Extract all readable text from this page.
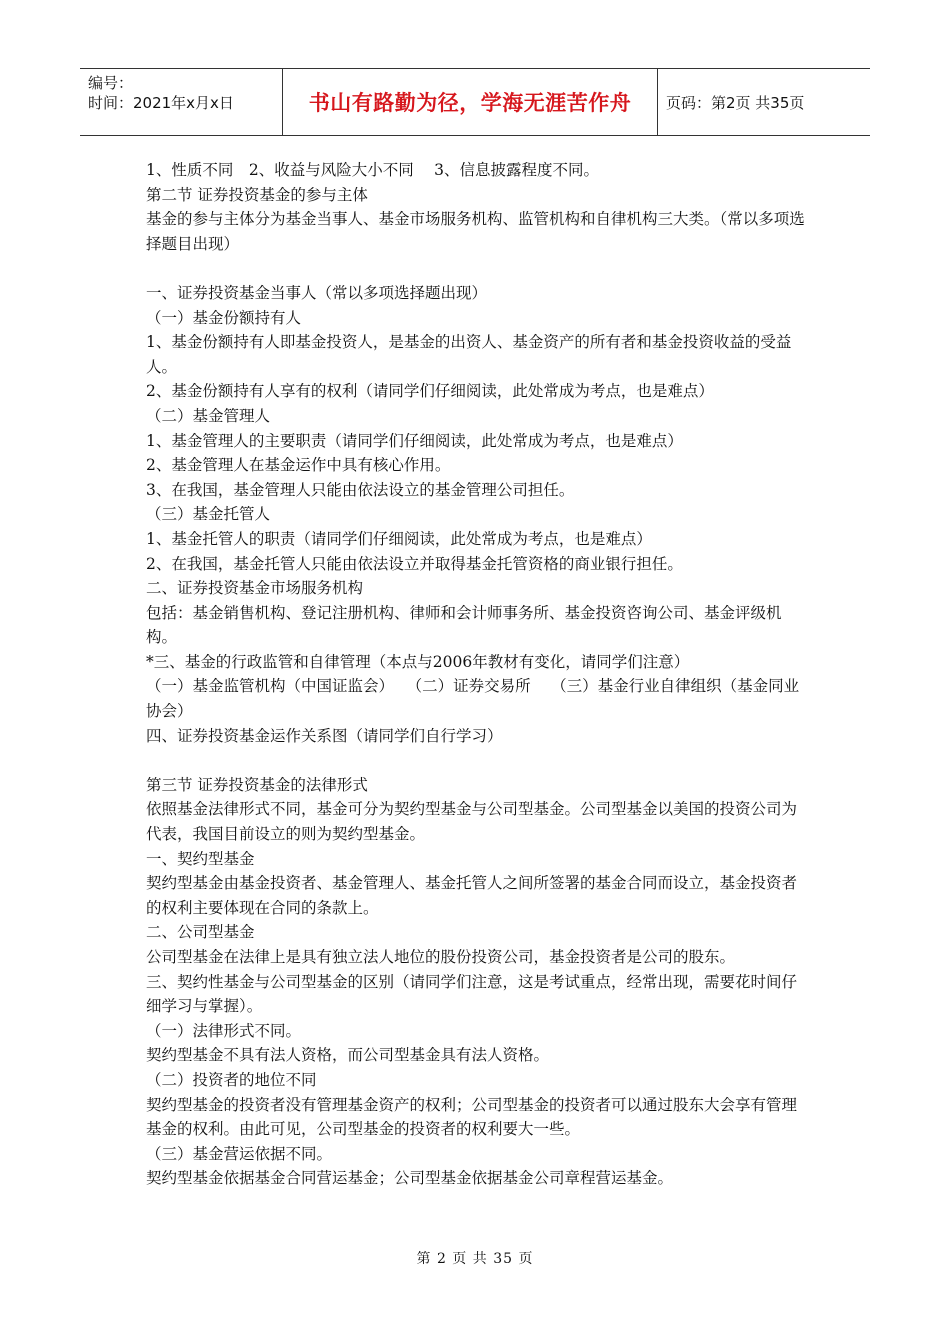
编号：
时间：2021年x月x日	书山有路勤为径，学海无涯苦作舟	页码：第2页 共35页

1、性质不同　2、收益与风险大小不同　 3、信息披露程度不同。

第二节 证券投资基金的参与主体

基金的参与主体分为基金当事人、基金市场服务机构、监管机构和自律机构三大类。（常以多项选择题目出现）

一、证券投资基金当事人（常以多项选择题出现）

（一）基金份额持有人

1、基金份额持有人即基金投资人，是基金的出资人、基金资产的所有者和基金投资收益的受益人。

2、基金份额持有人享有的权利（请同学们仔细阅读，此处常成为考点，也是难点）

（二）基金管理人

1、基金管理人的主要职责（请同学们仔细阅读，此处常成为考点，也是难点）

2、基金管理人在基金运作中具有核心作用。

3、在我国，基金管理人只能由依法设立的基金管理公司担任。

（三）基金托管人

1、基金托管人的职责（请同学们仔细阅读，此处常成为考点，也是难点）

2、在我国，基金托管人只能由依法设立并取得基金托管资格的商业银行担任。

二、证券投资基金市场服务机构

包括：基金销售机构、登记注册机构、律师和会计师事务所、基金投资咨询公司、基金评级机构。

*三、基金的行政监管和自律管理（本点与2006年教材有变化，请同学们注意）

（一）基金监管机构（中国证监会）　 （二）证券交易所　 （三）基金行业自律组织（基金同业协会）

四、证券投资基金运作关系图（请同学们自行学习）

第三节 证券投资基金的法律形式

依照基金法律形式不同，基金可分为契约型基金与公司型基金。公司型基金以美国的投资公司为代表，我国目前设立的则为契约型基金。

一、契约型基金

契约型基金由基金投资者、基金管理人、基金托管人之间所签署的基金合同而设立，基金投资者的权利主要体现在合同的条款上。

二、公司型基金

公司型基金在法律上是具有独立法人地位的股份投资公司，基金投资者是公司的股东。

三、契约性基金与公司型基金的区别（请同学们注意，这是考试重点，经常出现，需要花时间仔细学习与掌握）。

（一）法律形式不同。

契约型基金不具有法人资格，而公司型基金具有法人资格。

（二）投资者的地位不同

契约型基金的投资者没有管理基金资产的权利；公司型基金的投资者可以通过股东大会享有管理基金的权利。由此可见，公司型基金的投资者的权利要大一些。

（三）基金营运依据不同。

契约型基金依据基金合同营运基金；公司型基金依据基金公司章程营运基金。

第 2 页 共 35 页
